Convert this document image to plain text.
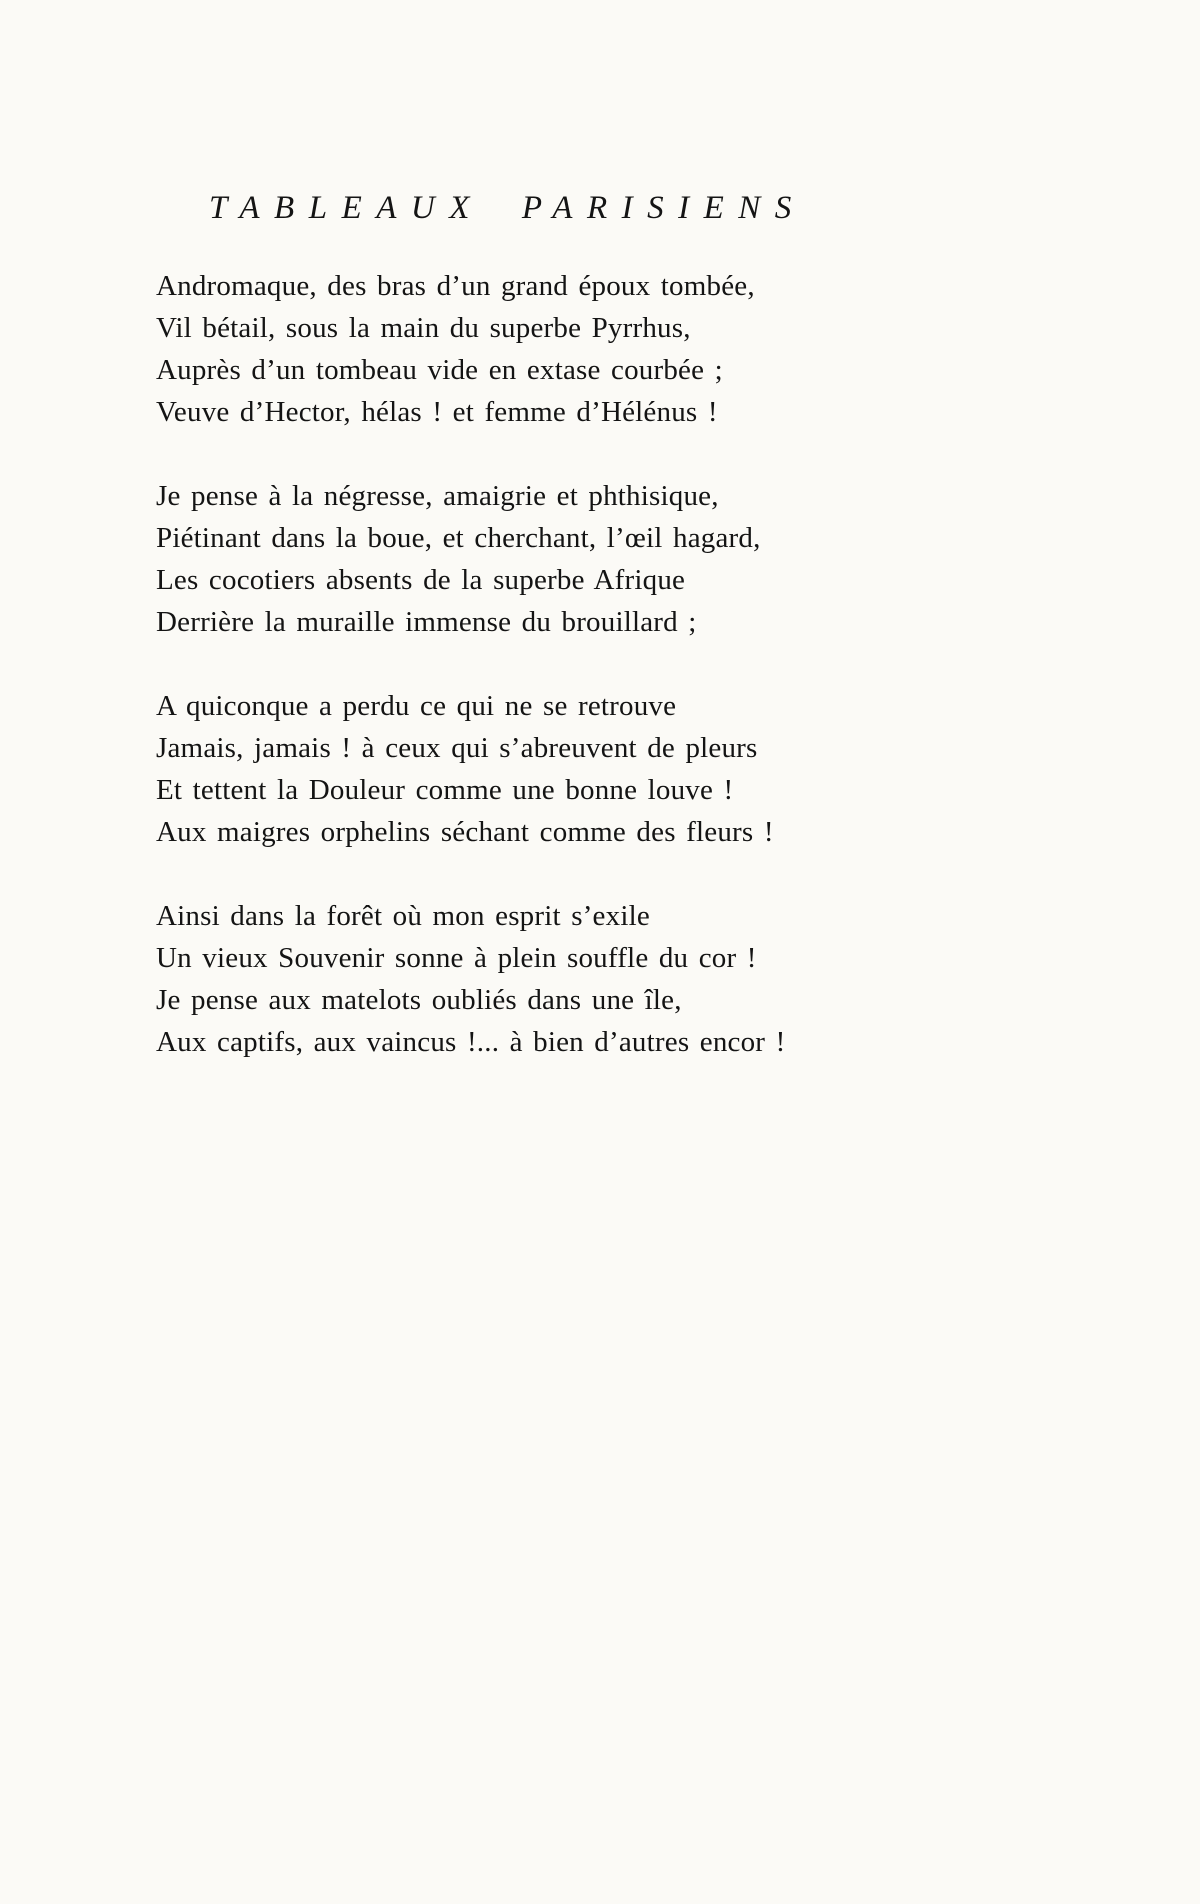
TABLEAUX PARISIENS
Andromaque, des bras d’un grand époux tombée,
Vil bétail, sous la main du superbe Pyrrhus,
Auprès d’un tombeau vide en extase courbée ;
Veuve d’Hector, hélas ! et femme d’Hélénus !
Je pense à la négresse, amaigrie et phthisique,
Piétinant dans la boue, et cherchant, l’œil hagard,
Les cocotiers absents de la superbe Afrique
Derrière la muraille immense du brouillard ;
A quiconque a perdu ce qui ne se retrouve
Jamais, jamais ! à ceux qui s’abreuvent de pleurs
Et tettent la Douleur comme une bonne louve !
Aux maigres orphelins séchant comme des fleurs !
Ainsi dans la forêt où mon esprit s’exile
Un vieux Souvenir sonne à plein souffle du cor !
Je pense aux matelots oubliés dans une île,
Aux captifs, aux vaincus !... à bien d’autres encor !
